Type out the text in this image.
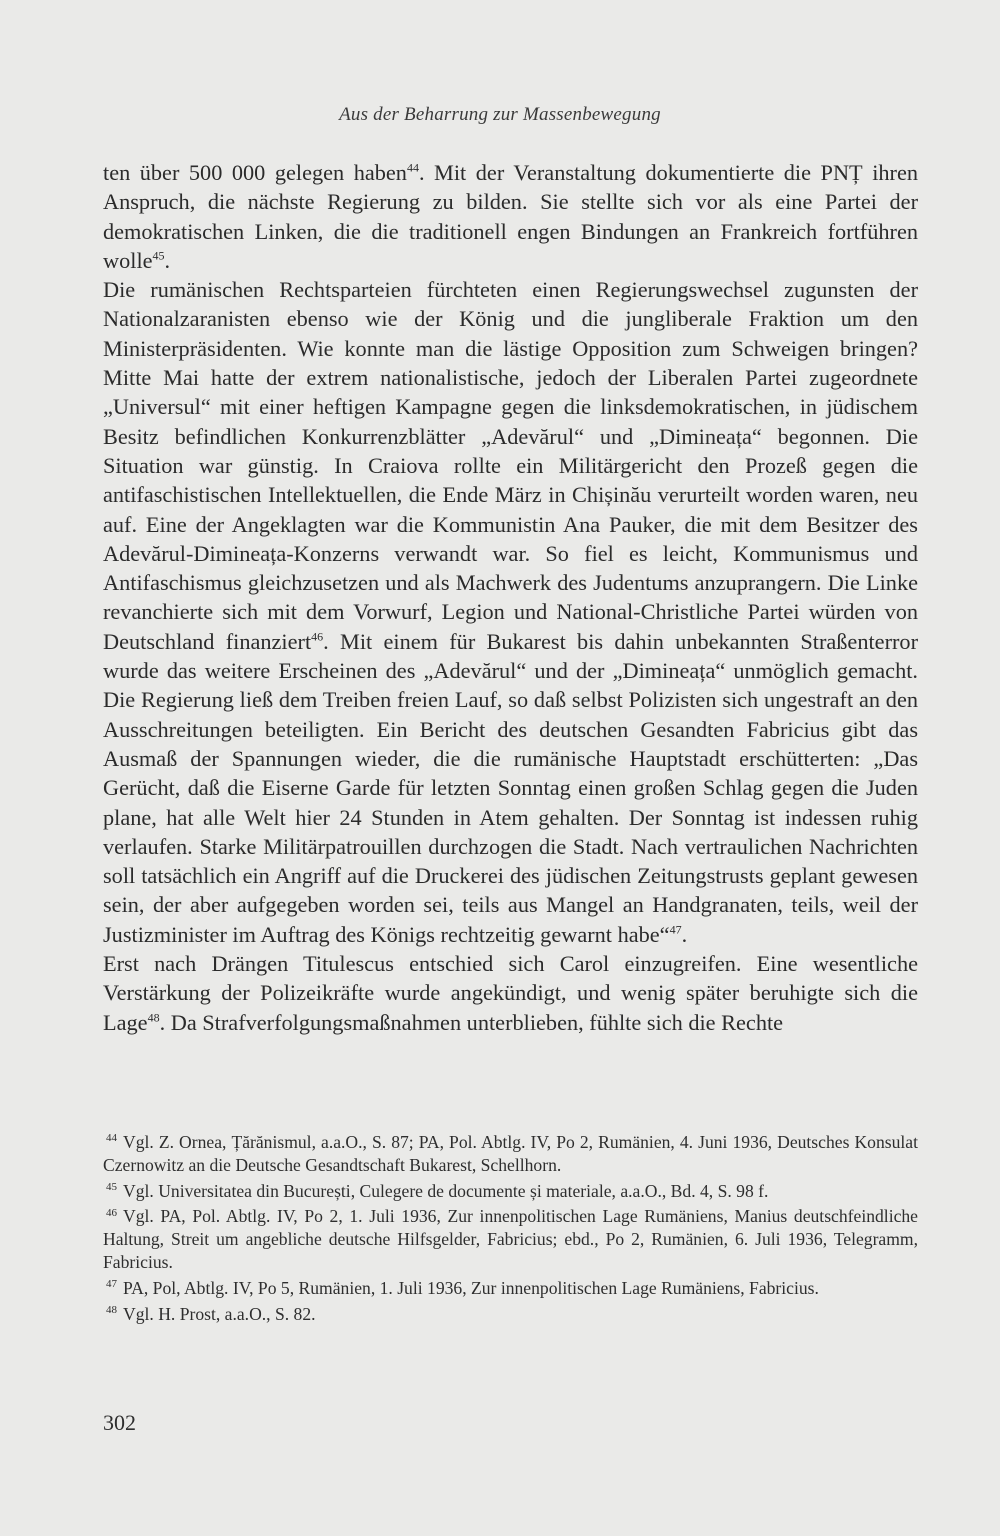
Aus der Beharrung zur Massenbewegung

ten über 500 000 gelegen haben$^{44}$. Mit der Veranstaltung dokumentierte die PNȚ ihren Anspruch, die nächste Regierung zu bilden. Sie stellte sich vor als eine Partei der demokratischen Linken, die die traditionell engen Bindungen an Frankreich fortführen wolle$^{45}$.

Die rumänischen Rechtsparteien fürchteten einen Regierungswechsel zugunsten der Nationalzaranisten ebenso wie der König und die jungliberale Fraktion um den Ministerpräsidenten. Wie konnte man die lästige Opposition zum Schweigen bringen? Mitte Mai hatte der extrem nationalistische, jedoch der Liberalen Partei zugeordnete „Universul“ mit einer heftigen Kampagne gegen die linksdemokratischen, in jüdischem Besitz befindlichen Konkurrenzblätter „Adevărul“ und „Dimineața“ begonnen. Die Situation war günstig. In Craiova rollte ein Militärgericht den Prozeß gegen die antifaschistischen Intellektuellen, die Ende März in Chișinău verurteilt worden waren, neu auf. Eine der Angeklagten war die Kommunistin Ana Pauker, die mit dem Besitzer des Adevărul-Dimineața-Konzerns verwandt war. So fiel es leicht, Kommunismus und Antifaschismus gleichzusetzen und als Machwerk des Judentums anzuprangern. Die Linke revanchierte sich mit dem Vorwurf, Legion und National-Christliche Partei würden von Deutschland finanziert$^{46}$. Mit einem für Bukarest bis dahin unbekannten Straßenterror wurde das weitere Erscheinen des „Adevărul“ und der „Dimineața“ unmöglich gemacht. Die Regierung ließ dem Treiben freien Lauf, so daß selbst Polizisten sich ungestraft an den Ausschreitungen beteiligten. Ein Bericht des deutschen Gesandten Fabricius gibt das Ausmaß der Spannungen wieder, die die rumänische Hauptstadt erschütterten: „Das Gerücht, daß die Eiserne Garde für letzten Sonntag einen großen Schlag gegen die Juden plane, hat alle Welt hier 24 Stunden in Atem gehalten. Der Sonntag ist indessen ruhig verlaufen. Starke Militärpatrouillen durchzogen die Stadt. Nach vertraulichen Nachrichten soll tatsächlich ein Angriff auf die Druckerei des jüdischen Zeitungstrusts geplant gewesen sein, der aber aufgegeben worden sei, teils aus Mangel an Handgranaten, teils, weil der Justizminister im Auftrag des Königs rechtzeitig gewarnt habe“$^{47}$.

Erst nach Drängen Titulescus entschied sich Carol einzugreifen. Eine wesentliche Verstärkung der Polizeikräfte wurde angekündigt, und wenig später beruhigte sich die Lage$^{48}$. Da Strafverfolgungsmaßnahmen unterblieben, fühlte sich die Rechte

$^{44}$ Vgl. Z. Ornea, Țărănismul, a.a.O., S. 87; PA, Pol. Abtlg. IV, Po 2, Rumänien, 4. Juni 1936, Deutsches Konsulat Czernowitz an die Deutsche Gesandtschaft Bukarest, Schellhorn.

$^{45}$ Vgl. Universitatea din București, Culegere de documente și materiale, a.a.O., Bd. 4, S. 98 f.

$^{46}$ Vgl. PA, Pol. Abtlg. IV, Po 2, 1. Juli 1936, Zur innenpolitischen Lage Rumäniens, Manius deutschfeindliche Haltung, Streit um angebliche deutsche Hilfsgelder, Fabricius; ebd., Po 2, Rumänien, 6. Juli 1936, Telegramm, Fabricius.

$^{47}$ PA, Pol, Abtlg. IV, Po 5, Rumänien, 1. Juli 1936, Zur innenpolitischen Lage Rumäniens, Fabricius.

$^{48}$ Vgl. H. Prost, a.a.O., S. 82.

302
